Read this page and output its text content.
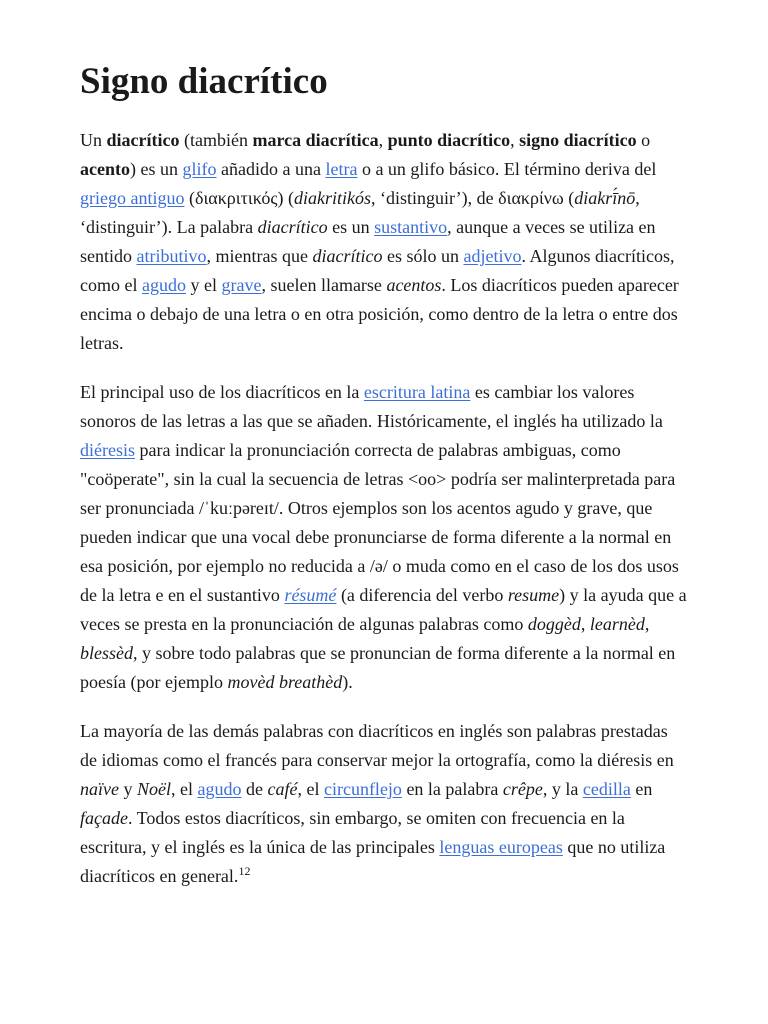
Signo diacrítico

Un diacrítico (también marca diacrítica, punto diacrítico, signo diacrítico o acento) es un glifo añadido a una letra o a un glifo básico. El término deriva del griego antiguo (διακριτικός) (diakritikós, ‘distinguir’), de διακρίνω (diakrī́nō, ‘distinguir’). La palabra diacrítico es un sustantivo, aunque a veces se utiliza en sentido atributivo, mientras que diacrítico es sólo un adjetivo. Algunos diacríticos, como el agudo y el grave, suelen llamarse acentos. Los diacríticos pueden aparecer encima o debajo de una letra o en otra posición, como dentro de la letra o entre dos letras.

El principal uso de los diacríticos en la escritura latina es cambiar los valores sonoros de las letras a las que se añaden. Históricamente, el inglés ha utilizado la diéresis para indicar la pronunciación correcta de palabras ambiguas, como "coöperate", sin la cual la secuencia de letras <oo> podría ser malinterpretada para ser pronunciada /ˈkuːpəreɪt/. Otros ejemplos son los acentos agudo y grave, que pueden indicar que una vocal debe pronunciarse de forma diferente a la normal en esa posición, por ejemplo no reducida a /ə/ o muda como en el caso de los dos usos de la letra e en el sustantivo résumé (a diferencia del verbo resume) y la ayuda que a veces se presta en la pronunciación de algunas palabras como doggèd, learnèd, blessèd, y sobre todo palabras que se pronuncian de forma diferente a la normal en poesía (por ejemplo movèd breathèd).

La mayoría de las demás palabras con diacríticos en inglés son palabras prestadas de idiomas como el francés para conservar mejor la ortografía, como la diéresis en naïve y Noël, el agudo de café, el circunflejo en la palabra crêpe, y la cedilla en façade. Todos estos diacríticos, sin embargo, se omiten con frecuencia en la escritura, y el inglés es la única de las principales lenguas europeas que no utiliza diacríticos en general.$^{12}$
